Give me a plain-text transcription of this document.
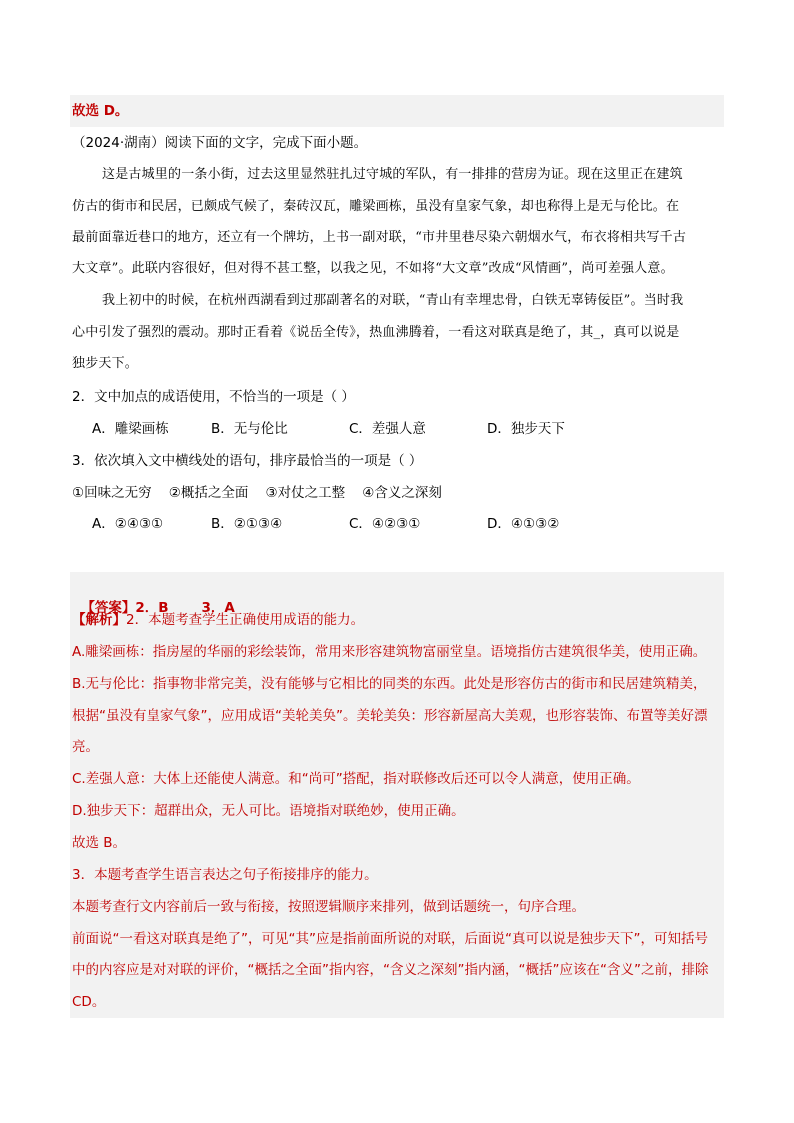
故选 D。
（2024·湖南）阅读下面的文字，完成下面小题。
这是古城里的一条小街，过去这里显然驻扎过守城的军队，有一排排的营房为证。现在这里正在建筑
仿古的街市和民居，已颇成气候了，秦砖汉瓦，雕梁画栋，虽没有皇家气象，却也称得上是无与伦比。在
最前面靠近巷口的地方，还立有一个牌坊，上书一副对联，“市井里巷尽染六朝烟水气，布衣将相共写千古
大文章”。此联内容很好，但对得不甚工整，以我之见，不如将“大文章”改成“风情画”，尚可差强人意。
我上初中的时候，在杭州西湖看到过那副著名的对联，“青山有幸埋忠骨，白铁无辜铸佞臣”。当时我
心中引发了强烈的震动。那时正看着《说岳全传》，热血沸腾着，一看这对联真是绝了，其_，真可以说是
独步天下。
2．文中加点的成语使用，不恰当的一项是（ ）
A．雕梁画栋	B．无与伦比	C．差强人意	D．独步天下
3．依次填入文中横线处的语句，排序最恰当的一项是（ ）
①回味之无穷    ②概括之全面    ③对仗之工整    ④含义之深刻
A．②④③①	B．②①③④	C．④②③①	D．④①③②

【答案】2．B       3．A

【解析】2．本题考查学生正确使用成语的能力。
A.雕梁画栋：指房屋的华丽的彩绘装饰，常用来形容建筑物富丽堂皇。语境指仿古建筑很华美，使用正确。
B.无与伦比：指事物非常完美，没有能够与它相比的同类的东西。此处是形容仿古的街市和民居建筑精美，
根据“虽没有皇家气象”，应用成语“美轮美奂”。美轮美奂：形容新屋高大美观，也形容装饰、布置等美好漂
亮。
C.差强人意：大体上还能使人满意。和“尚可”搭配，指对联修改后还可以令人满意，使用正确。
D.独步天下：超群出众，无人可比。语境指对联绝妙，使用正确。
故选 B。
3．本题考查学生语言表达之句子衔接排序的能力。
本题考查行文内容前后一致与衔接，按照逻辑顺序来排列，做到话题统一，句序合理。
前面说“一看这对联真是绝了”，可见“其”应是指前面所说的对联，后面说“真可以说是独步天下”，可知括号
中的内容应是对对联的评价，“概括之全面”指内容，“含义之深刻”指内涵，“概括”应该在“含义”之前，排除
CD。
